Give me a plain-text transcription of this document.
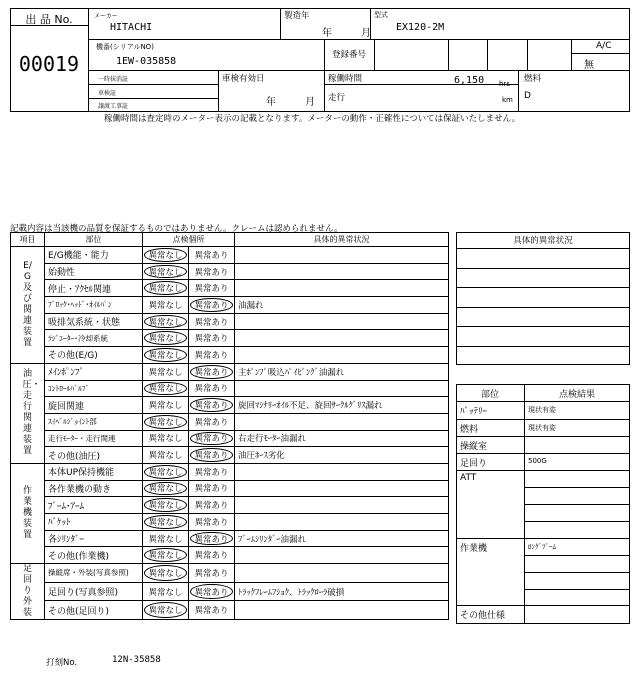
出 品 No.
00019
メーカー
HITACHI
製造年
年　　月
型式
EX120-2M
機番(シリアルNO)
1EW-035858
登録番号
A/C
無
一時抹消証
車検証
譲渡工事証
車検有効日
年　　月
稼働時間	6,150 hrs
走行	km
燃料
D
稼働時間は査定時のメーター表示の記載となります。メーターの動作・正確性については保証いたしません。
記載内容は当該機の品質を保証するものではありません。クレームは認められません。
項目	部位	点検個所		具体的異常状況

E/G及び関連装置	E/G機能・能力	異常なし	異常あり	
	始動性	異常なし	異常あり	
	停止・ｱｸｾﾙ関連	異常なし	異常あり	
	ﾌﾞﾛｯｸ･ﾍｯﾄﾞ･ｵｲﾙﾊﾟﾝ	異常なし	異常あり	油漏れ
	吸排気系統・状態	異常なし	異常あり	
	ﾗｼﾞｴｰﾀｰ･冷却系統	異常なし	異常あり	
	その他(E/G)	異常なし	異常あり	

油圧・走行関連装置	ﾒｲﾝﾎﾟﾝﾌﾟ	異常なし	異常あり	主ﾎﾟﾝﾌﾟ吸込ﾊﾟｲﾋﾟﾝｸﾞ油漏れ
	ｺﾝﾄﾛｰﾙﾊﾞﾙﾌﾞ	異常なし	異常あり	
	旋回関連	異常なし	異常あり	旋回ﾏｼﾅﾘｰｵｲﾙ不足、旋回ｻｰｸﾙｸﾞﾘｽ漏れ
	ｽｲﾍﾞﾙｼﾞｮｲﾝﾄ部	異常なし	異常あり	
	走行ﾓｰﾀｰ・走行関連	異常なし	異常あり	右走行ﾓｰﾀｰ油漏れ
	その他(油圧)	異常なし	異常あり	油圧ﾎｰｽ劣化

作業機装置	本体UP保持機能	異常なし	異常あり	
	各作業機の動き	異常なし	異常あり	
	ﾌﾞｰﾑ･ｱｰﾑ	異常なし	異常あり	
	ﾊﾞｹｯﾄ	異常なし	異常あり	
	各ｼﾘﾝﾀﾞｰ	異常なし	異常あり	ﾌﾞｰﾑｼﾘﾝﾀﾞｰ油漏れ
	その他(作業機)	異常なし	異常あり	

足回り外装	操縦席・外装(写真参照)	異常なし	異常あり	
	足回り(写真参照)	異常なし	異常あり	ﾄﾗｯｸﾌﾚｰﾑﾌｼｮｸ、ﾄﾗｯｸﾛｰﾗ破損
	その他(足回り)	異常なし	異常あり	
具体的異常状況
部位	点検結果
ﾊﾞｯﾃﾘｰ	現状有姿
燃料	現状有姿
操縦室
足回り	500G
ATT
作業機	ﾛﾝｸﾞﾌﾞｰﾑ
その他仕様
打刻No.	12N-35858
